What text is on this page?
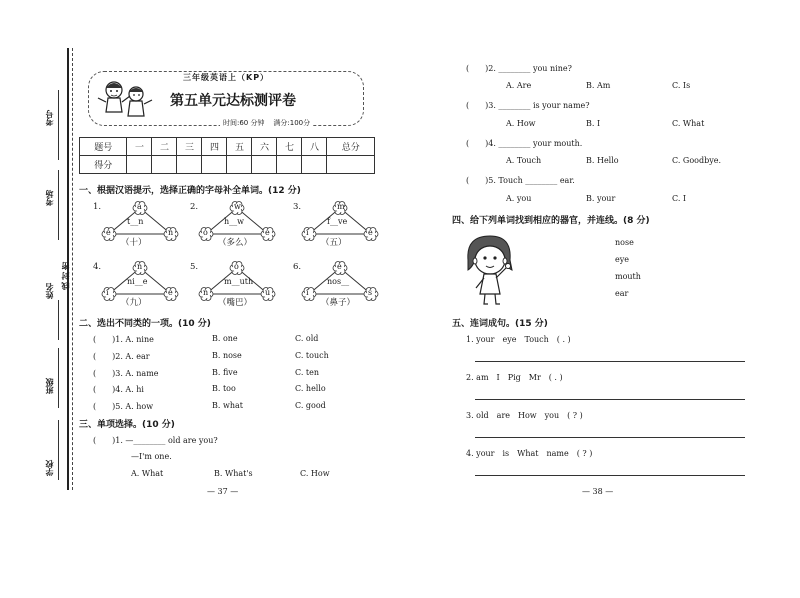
考号
考场
姓名
密
封
线
班级
学校
三年级英语上（KP）
第五单元达标测评卷
时间:60 分钟 满分:100分
题号	一	二	三	四	五	六	七	八	总分
得分									
一、根据汉语提示，选择正确的字母补全单词。(12 分)
1.	a
e	n
t__n
（十）
2.	w
o	e
h__w
（多么）
3.	m
i	e
f__ve
（五）
4.	n
i	e
ni__e
（九）
5.	o
n	u
m__uth
（嘴巴）
6.	e
i	s
nos__
（鼻子）
二、选出不同类的一项。(10 分)
(　　)1. A. nine	B. one	C. old
(　　)2. A. ear	B. nose	C. touch
(　　)3. A. name	B. five	C. ten
(　　)4. A. hi	B. too	C. hello
(　　)5. A. how	B. what	C. good
三、单项选择。(10 分)
(　　)1. —________ old are you?
—I'm one.
A. What	B. What's	C. How
— 37 —
(　　)2. ________ you nine?
A. Are	B. Am	C. Is
(　　)3. ________ is your name?
A. How	B. I	C. What
(　　)4. ________ your mouth.
A. Touch	B. Hello	C. Goodbye.
(　　)5. Touch ________ ear.
A. you	B. your	C. I
四、给下列单词找到相应的器官，并连线。(8 分)
nose
eye
mouth
ear
五、连词成句。(15 分)
1. your　eye　Touch　( . )
2. am　I　Pig　Mr　( . )
3. old　are　How　you　( ? )
4. your　is　What　name　( ? )
— 38 —
